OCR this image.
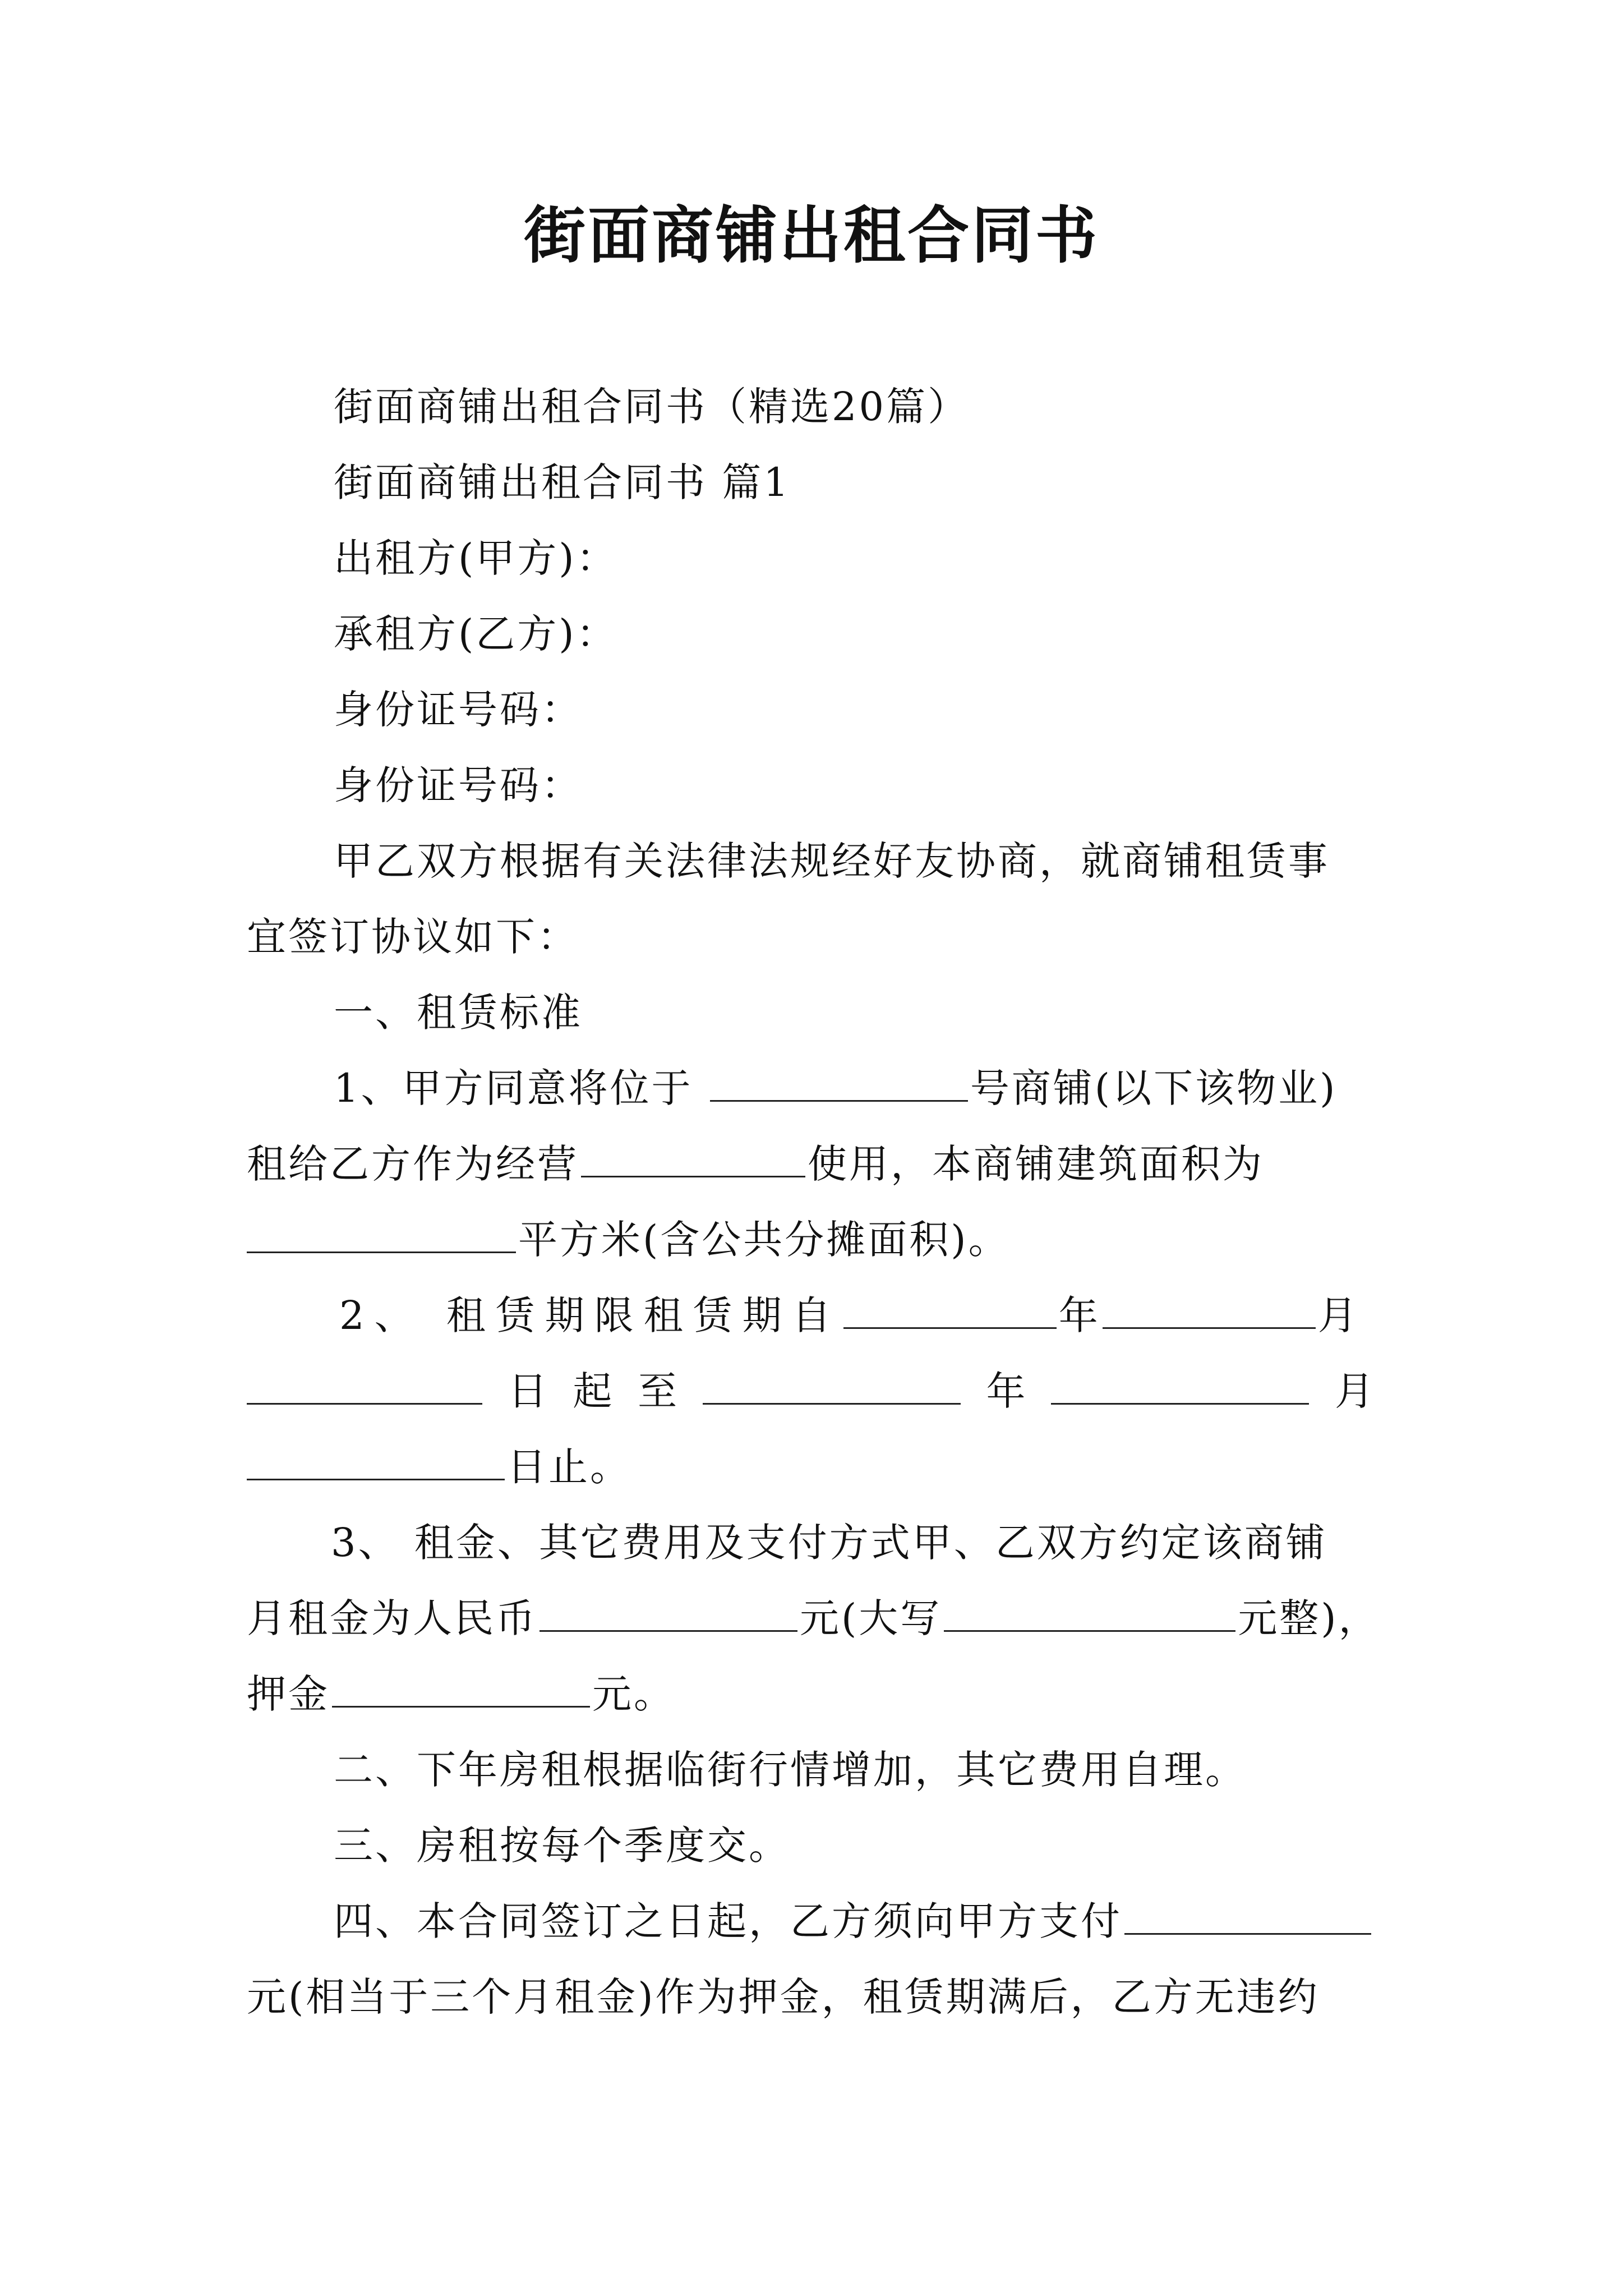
街面商铺出租合同书
街面商铺出租合同书（精选20篇）
街面商铺出租合同书 篇1
出租方(甲方)：
承租方(乙方)：
身份证号码：
身份证号码：
甲乙双方根据有关法律法规经好友协商，就商铺租赁事
宜签订协议如下：
一、租赁标准
1、甲方同意将位于	号商铺(以下该物业)
租给乙方作为经营	使用，本商铺建筑面积为
平方米(含公共分摊面积)。
2、 租赁期限租赁期自	年	月
日 起 至	年	月
日止。
3、 租金、其它费用及支付方式甲、乙双方约定该商铺
月租金为人民币	元(大写	元整)，
押金	元。
二、下年房租根据临街行情增加，其它费用自理。
三、房租按每个季度交。
四、本合同签订之日起，乙方须向甲方支付
元(相当于三个月租金)作为押金，租赁期满后，乙方无违约
